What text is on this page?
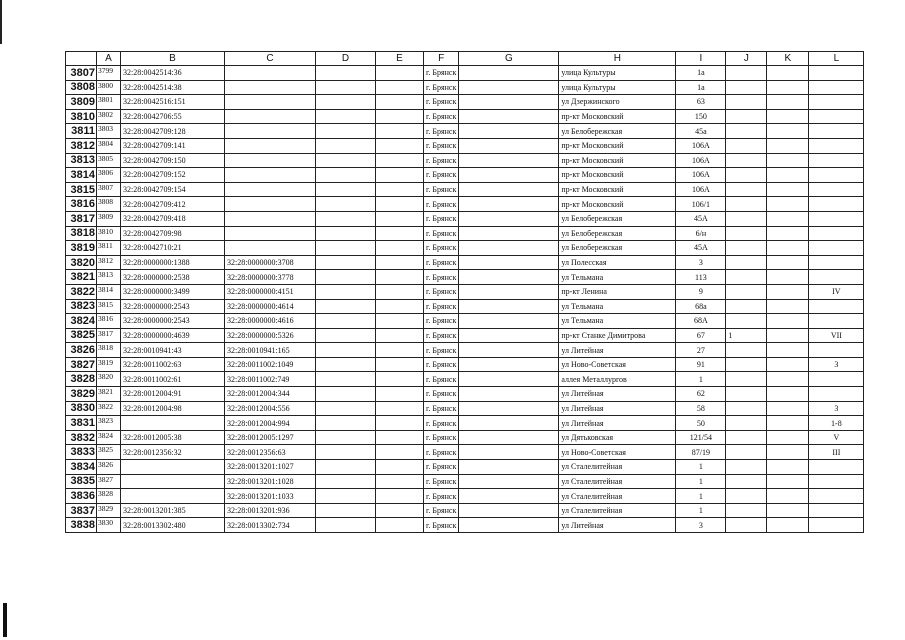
	A	B	C	D	E	F	G	H	I	J	K	L
3807	3799	32:28:0042514:36				г. Брянск		улица Культуры	1а			
3808	3800	32:28:0042514:38				г. Брянск		улица Культуры	1а			
3809	3801	32:28:0042516:151				г. Брянск		ул Дзержинского	63			
3810	3802	32:28:0042706:55				г. Брянск		пр-кт Московский	150			
3811	3803	32:28:0042709:128				г. Брянск		ул Белобережская	45а			
3812	3804	32:28:0042709:141				г. Брянск		пр-кт Московский	106А			
3813	3805	32:28:0042709:150				г. Брянск		пр-кт Московский	106А			
3814	3806	32:28:0042709:152				г. Брянск		пр-кт Московский	106А			
3815	3807	32:28:0042709:154				г. Брянск		пр-кт Московский	106А			
3816	3808	32:28:0042709:412				г. Брянск		пр-кт Московский	106/1			
3817	3809	32:28:0042709:418				г. Брянск		ул Белобережская	45А			
3818	3810	32:28:0042709:98				г. Брянск		ул Белобережская	6/н			
3819	3811	32:28:0042710:21				г. Брянск		ул Белобережская	45А			
3820	3812	32:28:0000000:1388	32:28:0000000:3708			г. Брянск		ул Полесская	3			
3821	3813	32:28:0000000:2538	32:28:0000000:3778			г. Брянск		ул Тельмана	113			
3822	3814	32:28:0000000:3499	32:28:0000000:4151			г. Брянск		пр-кт Ленина	9			IV
3823	3815	32:28:0000000:2543	32:28:0000000:4614			г. Брянск		ул Тельмана	68а			
3824	3816	32:28:0000000:2543	32:28:0000000:4616			г. Брянск		ул Тельмана	68А			
3825	3817	32:28:0000000:4639	32:28:0000000:5326			г. Брянск		пр-кт Станке Димитрова	67	1		VII
3826	3818	32:28:0010941:43	32:28:0010941:165			г. Брянск		ул Литейная	27			
3827	3819	32:28:0011002:63	32:28:0011002:1049			г. Брянск		ул Ново-Советская	91			3
3828	3820	32:28:0011002:61	32:28:0011002:749			г. Брянск		аллея Металлургов	1			
3829	3821	32:28:0012004:91	32:28:0012004:344			г. Брянск		ул Литейная	62			
3830	3822	32:28:0012004:98	32:28:0012004:556			г. Брянск		ул Литейная	58			3
3831	3823		32:28:0012004:994			г. Брянск		ул Литейная	50			1-8
3832	3824	32:28:0012005:38	32:28:0012005:1297			г. Брянск		ул Дятьковская	121/54			V
3833	3825	32:28:0012356:32	32:28:0012356:63			г. Брянск		ул Ново-Советская	87/19			III
3834	3826		32:28:0013201:1027			г. Брянск		ул Сталелитейная	1			
3835	3827		32:28:0013201:1028			г. Брянск		ул Сталелитейная	1			
3836	3828		32:28:0013201:1033			г. Брянск		ул Сталелитейная	1			
3837	3829	32:28:0013201:385	32:28:0013201:936			г. Брянск		ул Сталелитейная	1			
3838	3830	32:28:0013302:480	32:28:0013302:734			г. Брянск		ул Литейная	3			
